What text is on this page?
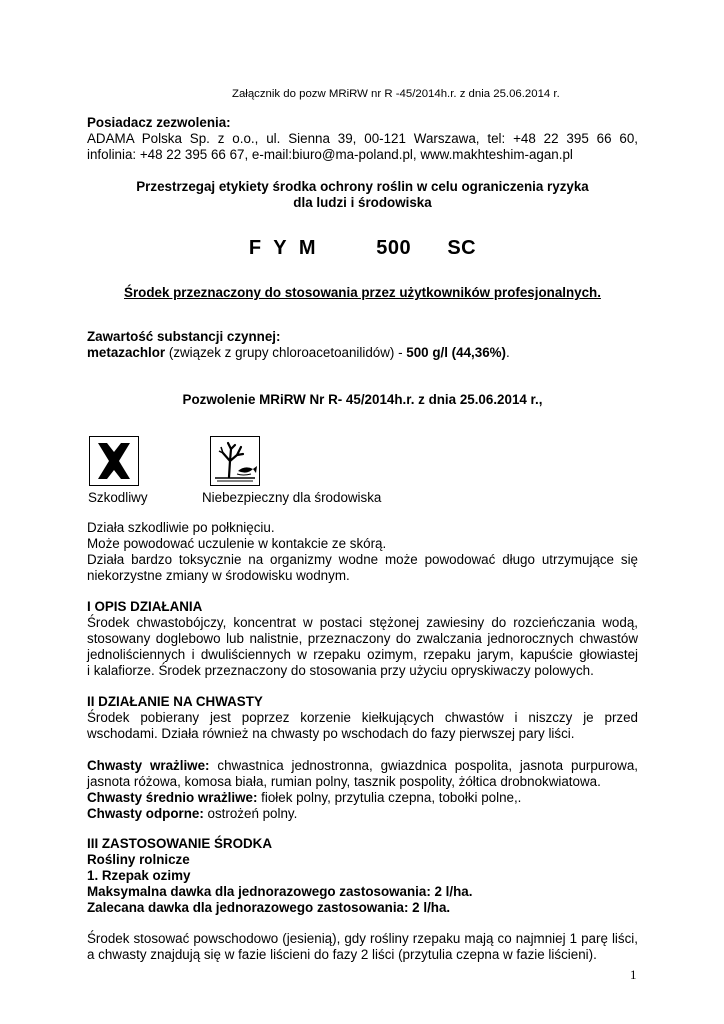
Załącznik do pozw MRiRW nr R -45/2014h.r. z dnia 25.06.2014 r.
Posiadacz zezwolenia:
ADAMA Polska Sp. z o.o., ul. Sienna 39, 00-121 Warszawa, tel: +48 22 395 66 60,
infolinia: +48 22 395 66 67, e-mail:biuro@ma-poland.pl, www.makhteshim-agan.pl
Przestrzegaj etykiety środka ochrony roślin w celu ograniczenia ryzyka
dla ludzi i środowiska
F Y M     500   SC
Środek przeznaczony do stosowania przez użytkowników profesjonalnych.
Zawartość substancji czynnej:
metazachlor (związek z grupy chloroacetoanilidów) - 500 g/l (44,36%).
Pozwolenie MRiRW Nr R- 45/2014h.r. z dnia 25.06.2014 r.,
Szkodliwy	Niebezpieczny dla środowiska
Działa szkodliwie po połknięciu.
Może powodować uczulenie w kontakcie ze skórą.
Działa bardzo toksycznie na organizmy wodne może powodować długo utrzymujące się
niekorzystne zmiany w środowisku wodnym.
I OPIS DZIAŁANIA
Środek chwastobójczy, koncentrat w postaci stężonej zawiesiny do rozcieńczania wodą,
stosowany doglebowo lub nalistnie, przeznaczony do zwalczania jednorocznych chwastów
jednoliściennych i dwuliściennych w rzepaku ozimym, rzepaku jarym, kapuście głowiastej
i kalafiorze. Środek przeznaczony do stosowania przy użyciu opryskiwaczy polowych.
II DZIAŁANIE NA CHWASTY
Środek pobierany jest poprzez korzenie kiełkujących chwastów i niszczy je przed
wschodami. Działa również na chwasty po wschodach do fazy pierwszej pary liści.
Chwasty wrażliwe: chwastnica jednostronna, gwiazdnica pospolita, jasnota purpurowa,
jasnota różowa, komosa biała, rumian polny, tasznik pospolity, żółtica drobnokwiatowa.
Chwasty średnio wrażliwe: fiołek polny, przytulia czepna, tobołki polne,.
Chwasty odporne: ostrożeń polny.
III ZASTOSOWANIE ŚRODKA
Rośliny rolnicze
1. Rzepak ozimy
Maksymalna dawka dla jednorazowego zastosowania: 2 l/ha.
Zalecana dawka dla jednorazowego zastosowania: 2 l/ha.
Środek stosować powschodowo (jesienią), gdy rośliny rzepaku mają co najmniej 1 parę liści,
a chwasty znajdują się w fazie liścieni do fazy 2 liści (przytulia czepna w fazie liścieni).
1
